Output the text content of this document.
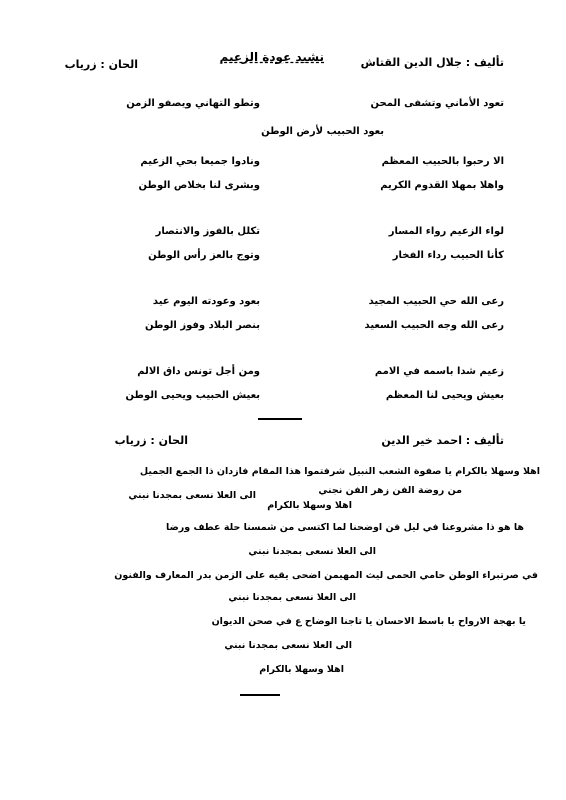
تأليف : جلال الدين القتاش
نشيد عودة الزعيم
الحان : زرياب
تعود الأماني وتشفى المحن
وتطو التهاني ويصفو الزمن
بعود الحبيب لأرض الوطن
الا رحبوا بالحبيب المعظم
ونادوا جميعا بحي الزعيم
واهلا بمهلا القدوم الكريم
وبشرى لنا بخلاص الوطن
لواء الزعيم رواء المسار
تكلل بالفوز والانتصار
كأنا الحبيب رداء الفخار
وتوج بالعز رأس الوطن
رعى الله حي الحبيب المجيد
بعود وعودته اليوم عيد
رعى الله وجه الحبيب السعيد
بنصر البلاد وفوز الوطن
زعيم شدا باسمه في الامم
ومن أجل تونس داق الالم
بعيش ويحيى لنا المعظم
بعيش الحبيب ويحيى الوطن
تأليف : احمد خير الدين
الحان : زرياب
اهلا وسهلا بالكرام يا صفوة الشعب النبيل شرفتموا هذا المقام فازدان ذا الجمع الجميل
الى العلا نسعى بمجدنا نبني	من روضة الفن زهر الفن نجني
اهلا وسهلا بالكرام
ها هو ذا مشروعنا في ليل فن اوضحنا لما اكتسى من شمسنا حلة عطف ورضا
الى العلا نسعى بمجدنا نبني
في صرتبراء الوطن حامي الحمى ليث المهيمن اضحى يقيه على الزمن بدر المعارف والفنون
الى العلا نسعى بمجدنا نبني
يا بهجة الارواح يا باسط الاحسان يا تاجنا الوضاح ع في صحن الديوان
الى العلا نسعى بمجدنا نبني
اهلا وسهلا بالكرام
